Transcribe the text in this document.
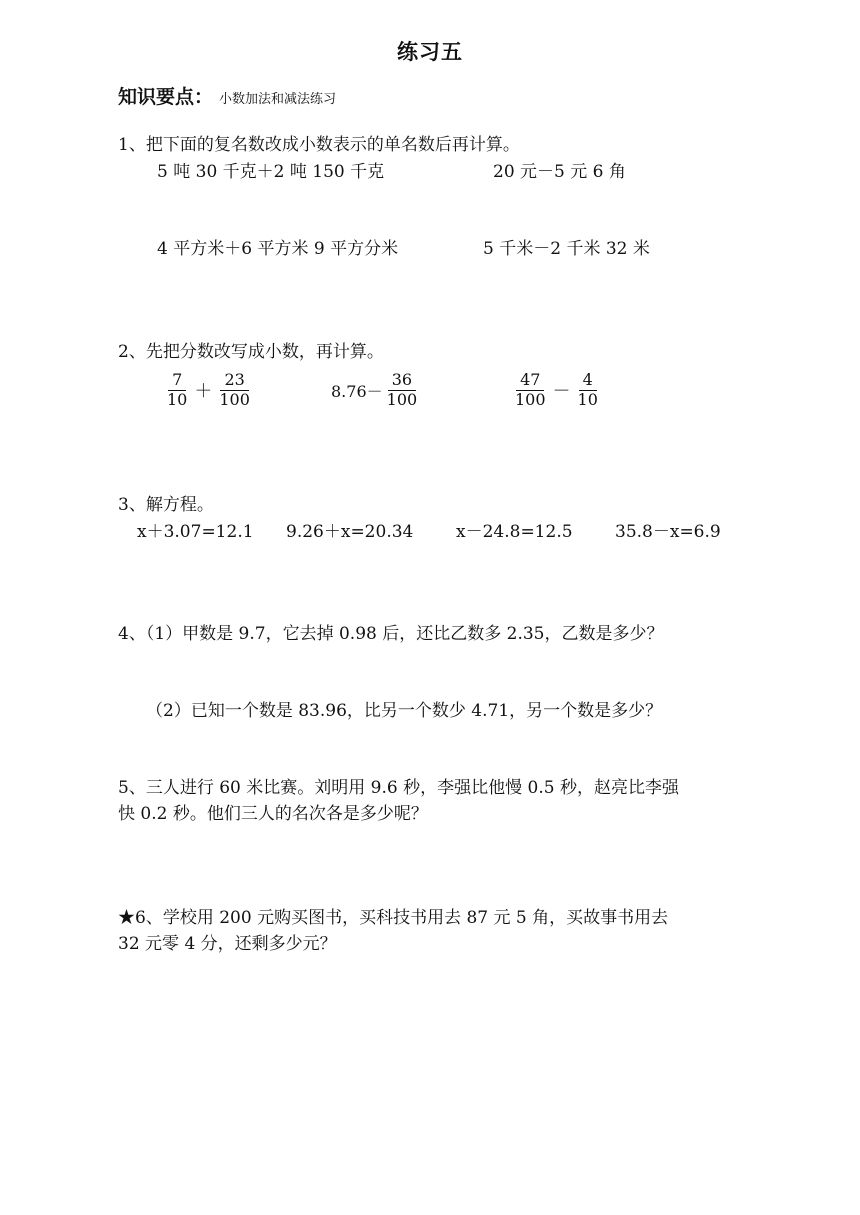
练习五
知识要点： 小数加法和减法练习
1、把下面的复名数改成小数表示的单名数后再计算。
5 吨 30 千克＋2 吨 150 千克	20 元－5 元 6 角
4 平方米＋6 平方米 9 平方分米	5 千米－2 千米 32 米
2、先把分数改写成小数，再计算。
$\frac{7}{10} + \frac{23}{100}$	$8.76- \frac{36}{100}$	$\frac{47}{100} - \frac{4}{10}$
3、解方程。
x＋3.07=12.1 9.26＋x=20.34	x－24.8=12.5 35.8－x=6.9
4、（1）甲数是 9.7，它去掉 0.98 后，还比乙数多 2.35，乙数是多少？
（2）已知一个数是 83.96，比另一个数少 4.71，另一个数是多少？
5、三人进行 60 米比赛。刘明用 9.6 秒，李强比他慢 0.5 秒，赵亮比李强
快 0.2 秒。他们三人的名次各是多少呢？
★6、学校用 200 元购买图书，买科技书用去 87 元 5 角，买故事书用去
32 元零 4 分，还剩多少元？
